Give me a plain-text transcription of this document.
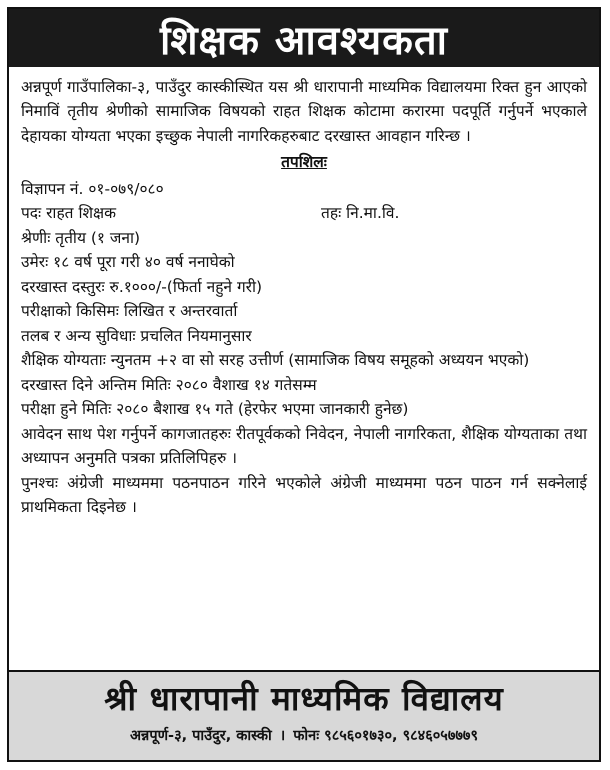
शिक्षक आवश्यकता
अन्नपूर्ण गाउँपालिका-३, पाउँदुर कास्कीस्थित यस श्री धारापानी माध्यमिक विद्यालयमा रिक्त हुन आएको निमाविं तृतीय श्रेणीको सामाजिक विषयको राहत शिक्षक कोटामा करारमा पदपूर्ति गर्नुपर्ने भएकाले देहायका योग्यता भएका इच्छुक नेपाली नागरिकहरुबाट दरखास्त आवहान गरिन्छ ।
तपशिलः
विज्ञापन नं. ०१-०७९/०८०
पदः राहत शिक्षक	तहः नि.मा.वि.
श्रेणीः तृतीय (१ जना)
उमेरः १८ वर्ष पूरा गरी ४० वर्ष ननाघेको
दरखास्त दस्तुरः रु.१०००/-(फिर्ता नहुने गरी)
परीक्षाको किसिमः लिखित र अन्तरवार्ता
तलब र अन्य सुविधाः प्रचलित नियमानुसार
शैक्षिक योग्यताः न्युनतम +२ वा सो सरह उत्तीर्ण (सामाजिक विषय समूहको अध्ययन भएको)
दरखास्त दिने अन्तिम मितिः २०८० वैशाख १४ गतेसम्म
परीक्षा हुने मितिः २०८० बैशाख १५ गते (हेरफेर भएमा जानकारी हुनेछ)
आवेदन साथ पेश गर्नुपर्ने कागजातहरुः रीतपूर्वकको निवेदन, नेपाली नागरिकता, शैक्षिक योग्यताका तथा अध्यापन अनुमति पत्रका प्रतिलिपिहरु ।
पुनश्चः अंग्रेजी माध्यममा पठनपाठन गरिने भएकोले अंग्रेजी माध्यममा पठन पाठन गर्न सक्नेलाई प्राथमिकता दिइनेछ ।
श्री धारापानी माध्यमिक विद्यालय
अन्नपूर्ण-३, पाउँदुर, कास्की । फोनः ९८५६०१७३०, ९८४६०५७७७९
